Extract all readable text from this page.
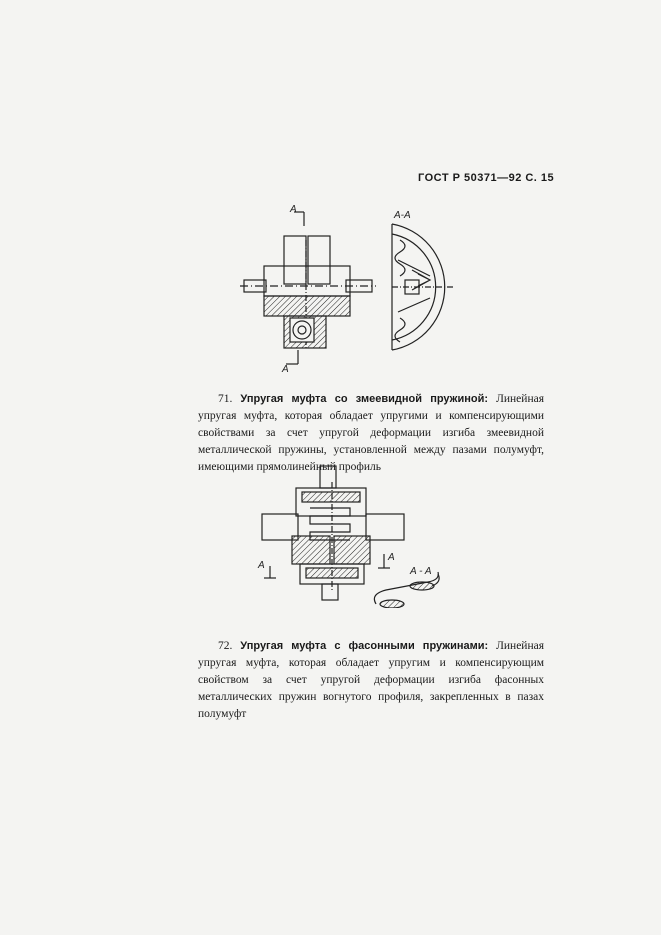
ГОСТ Р 50371—92 С. 15
A
A
A-A

71. Упругая муфта со змеевидной пружиной: Линейная упругая муфта, которая обладает упругими и компенсирующими свойствами за счет упругой деформации изгиба змеевидной металлической пружины, установленной между пазами полумуфт, имеющими прямолинейный профиль

A
A
A - A

72. Упругая муфта с фасонными пружинами: Линейная упругая муфта, которая обладает упругим и компенсирующим свойством за счет упругой деформации изгиба фасонных металлических пружин вогнутого профиля, закрепленных в пазах полумуфт
